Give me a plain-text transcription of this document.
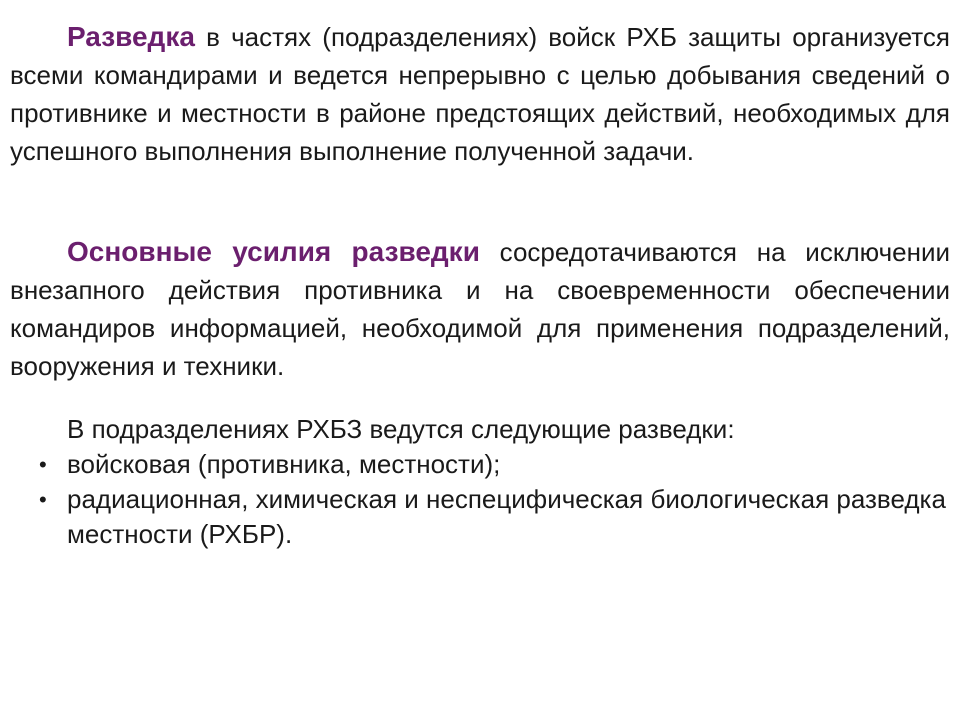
Разведка в частях (подразделениях) войск РХБ защиты организуется всеми командирами и ведется непрерывно с целью добывания сведений о противнике и местности в районе предстоящих действий, необходимых для успешного выполнения выполнение полученной задачи.

Основные усилия разведки сосредотачиваются на исключении внезапного действия противника и на своевременности обеспечении командиров информацией, необходимой для применения подразделений, вооружения и техники.

В подразделениях РХБЗ ведутся следующие разведки:

• войсковая (противника, местности);
• радиационная, химическая и неспецифическая биологическая разведка местности (РХБР).
